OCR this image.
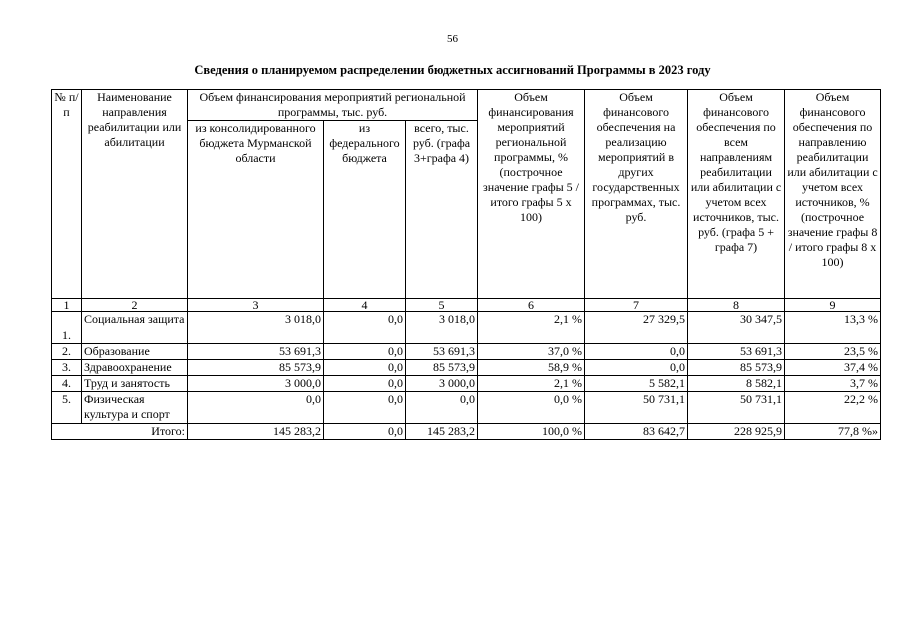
56
Сведения о планируемом распределении бюджетных ассигнований Программы в 2023 году
№ п/п	Наименование направления реабилитации или абилитации	Объем финансирования мероприятий региональной программы, тыс. руб.			Объем финансирования мероприятий региональной программы, % (построчное значение графы 5 / итого графы 5 x 100)	Объем финансового обеспечения на реализацию мероприятий в других государственных программах, тыс. руб.	Объем финансового обеспечения по всем направлениям реабилитации или абилитации с учетом всех источников, тыс. руб. (графа 5 + графа 7)	Объем финансового обеспечения по направлению реабилитации или абилитации с учетом всех источников, % (построчное значение графы 8 / итого графы 8 x 100)
		из консолидированного бюджета Мурманской области	из федерального бюджета	всего, тыс. руб. (графа 3+графа 4)				
1	2	3	4	5	6	7	8	9
1.	Социальная защита	3 018,0	0,0	3 018,0	2,1 %	27 329,5	30 347,5	13,3 %
2.	Образование	53 691,3	0,0	53 691,3	37,0 %	0,0	53 691,3	23,5 %
3.	Здравоохранение	85 573,9	0,0	85 573,9	58,9 %	0,0	85 573,9	37,4 %
4.	Труд и занятость	3 000,0	0,0	3 000,0	2,1 %	5 582,1	8 582,1	3,7 %
5.	Физическая культура и спорт	0,0	0,0	0,0	0,0 %	50 731,1	50 731,1	22,2 %
Итого:		145 283,2	0,0	145 283,2	100,0 %	83 642,7	228 925,9	77,8 %»
